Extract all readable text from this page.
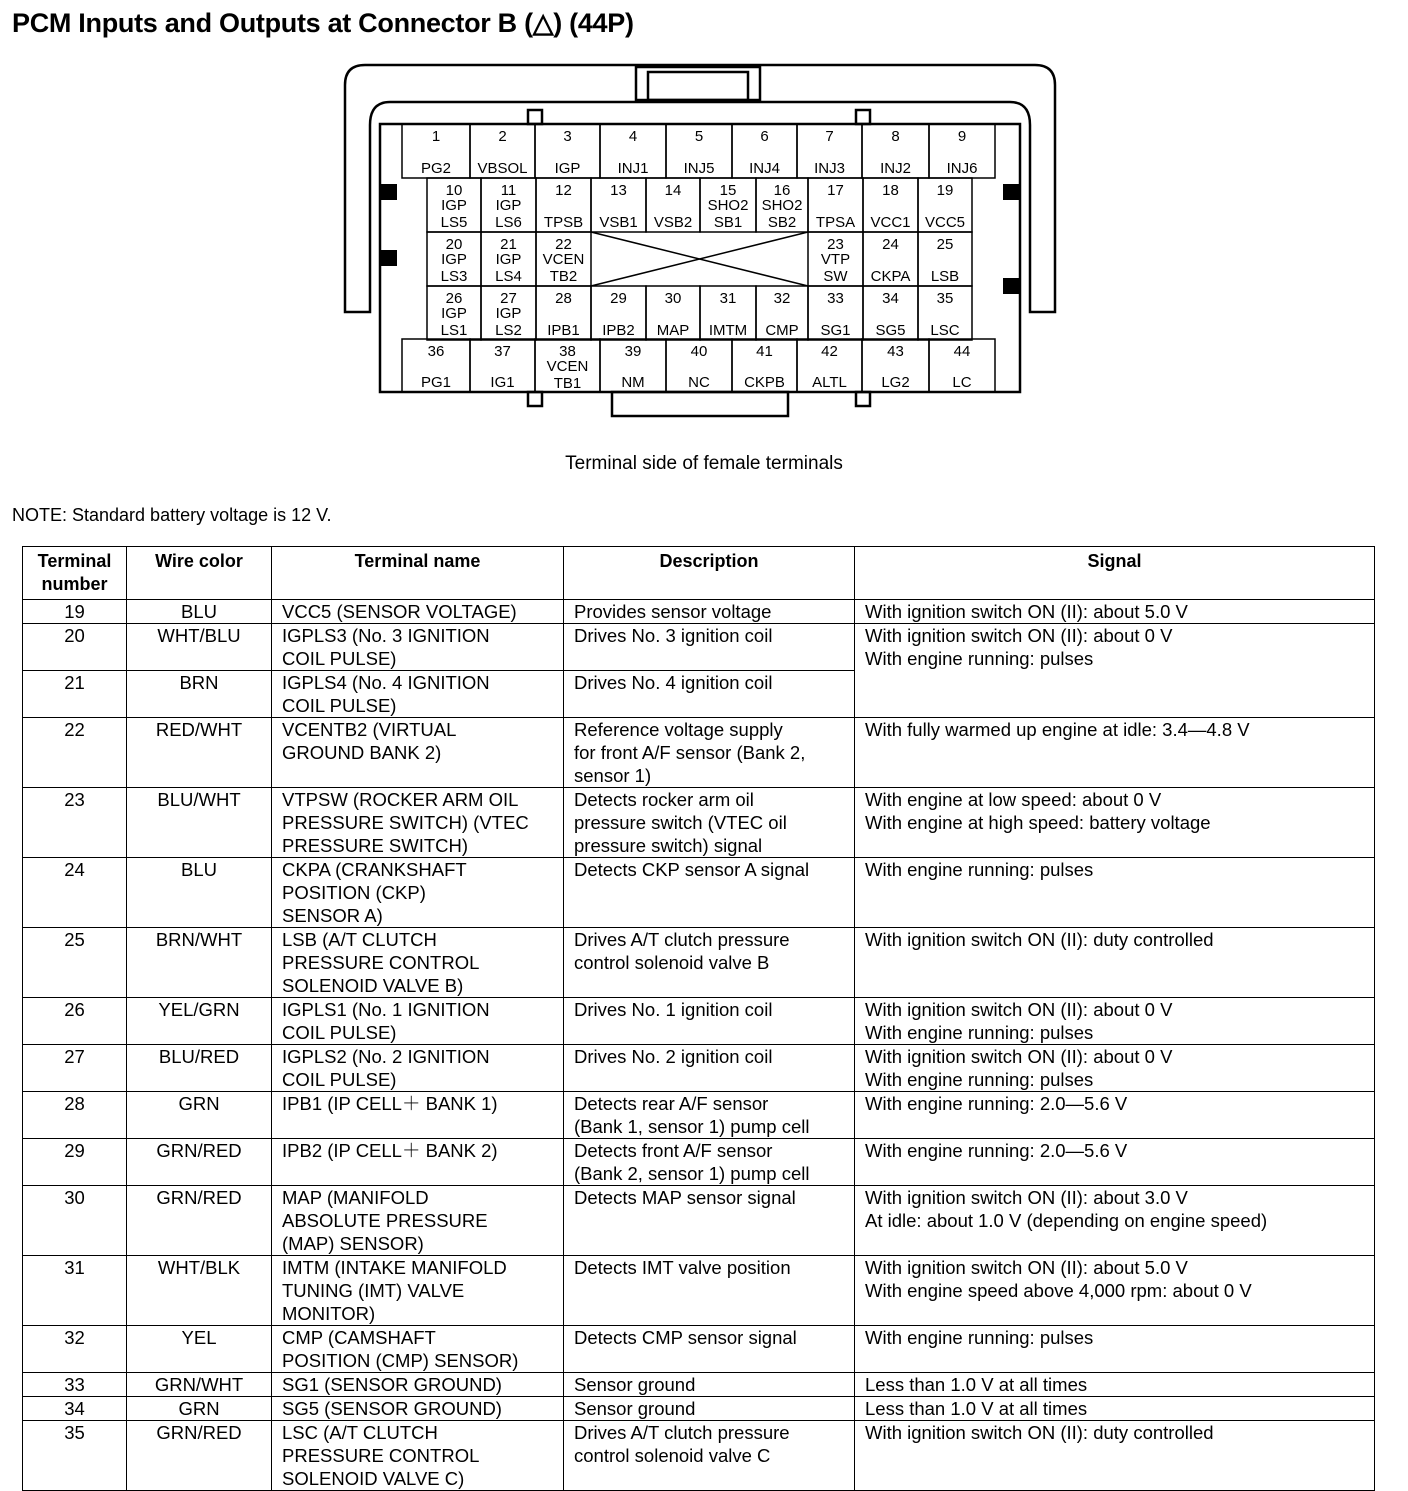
PCM Inputs and Outputs at Connector B (△) (44P)
1
PG2
2
VBSOL
3
IGP
4
INJ1
5
INJ5
6
INJ4
7
INJ3
8
INJ2
9
INJ6
10
IGP
LS5
11
IGP
LS6
12
TPSB
13
VSB1
14
VSB2
15
SHO2
SB1
16
SHO2
SB2
17
TPSA
18
VCC1
19
VCC5
20
IGP
LS3
21
IGP
LS4
22
VCEN
TB2
23
VTP
SW
24
CKPA
25
LSB
26
IGP
LS1
27
IGP
LS2
28
IPB1
29
IPB2
30
MAP
31
IMTM
32
CMP
33
SG1
34
SG5
35
LSC
36
PG1
37
IG1
38
VCEN
TB1
39
NM
40
NC
41
CKPB
42
ALTL
43
LG2
44
LC
Terminal side of female terminals
NOTE: Standard battery voltage is 12 V.
Terminal
number	Wire color	Terminal name	Description	Signal
19	BLU	VCC5 (SENSOR VOLTAGE)	Provides sensor voltage	With ignition switch ON (II): about 5.0 V
20	WHT/BLU	IGPLS3 (No. 3 IGNITION
COIL PULSE)	Drives No. 3 ignition coil	With ignition switch ON (II): about 0 V
With engine running: pulses
21	BRN	IGPLS4 (No. 4 IGNITION
COIL PULSE)	Drives No. 4 ignition coil	
22	RED/WHT	VCENTB2 (VIRTUAL
GROUND BANK 2)	Reference voltage supply
for front A/F sensor (Bank 2,
sensor 1)	With fully warmed up engine at idle: 3.4—4.8 V
23	BLU/WHT	VTPSW (ROCKER ARM OIL
PRESSURE SWITCH) (VTEC
PRESSURE SWITCH)	Detects rocker arm oil
pressure switch (VTEC oil
pressure switch) signal	With engine at low speed: about 0 V
With engine at high speed: battery voltage
24	BLU	CKPA (CRANKSHAFT
POSITION (CKP)
SENSOR A)	Detects CKP sensor A signal	With engine running: pulses
25	BRN/WHT	LSB (A/T CLUTCH
PRESSURE CONTROL
SOLENOID VALVE B)	Drives A/T clutch pressure
control solenoid valve B	With ignition switch ON (II): duty controlled
26	YEL/GRN	IGPLS1 (No. 1 IGNITION
COIL PULSE)	Drives No. 1 ignition coil	With ignition switch ON (II): about 0 V
With engine running: pulses
27	BLU/RED	IGPLS2 (No. 2 IGNITION
COIL PULSE)	Drives No. 2 ignition coil	With ignition switch ON (II): about 0 V
With engine running: pulses
28	GRN	IPB1 (IP CELL＋ BANK 1)	Detects rear A/F sensor
(Bank 1, sensor 1) pump cell	With engine running: 2.0—5.6 V
29	GRN/RED	IPB2 (IP CELL＋ BANK 2)	Detects front A/F sensor
(Bank 2, sensor 1) pump cell	With engine running: 2.0—5.6 V
30	GRN/RED	MAP (MANIFOLD
ABSOLUTE PRESSURE
(MAP) SENSOR)	Detects MAP sensor signal	With ignition switch ON (II): about 3.0 V
At idle: about 1.0 V (depending on engine speed)
31	WHT/BLK	IMTM (INTAKE MANIFOLD
TUNING (IMT) VALVE
MONITOR)	Detects IMT valve position	With ignition switch ON (II): about 5.0 V
With engine speed above 4,000 rpm: about 0 V
32	YEL	CMP (CAMSHAFT
POSITION (CMP) SENSOR)	Detects CMP sensor signal	With engine running: pulses
33	GRN/WHT	SG1 (SENSOR GROUND)	Sensor ground	Less than 1.0 V at all times
34	GRN	SG5 (SENSOR GROUND)	Sensor ground	Less than 1.0 V at all times
35	GRN/RED	LSC (A/T CLUTCH
PRESSURE CONTROL
SOLENOID VALVE C)	Drives A/T clutch pressure
control solenoid valve C	With ignition switch ON (II): duty controlled
